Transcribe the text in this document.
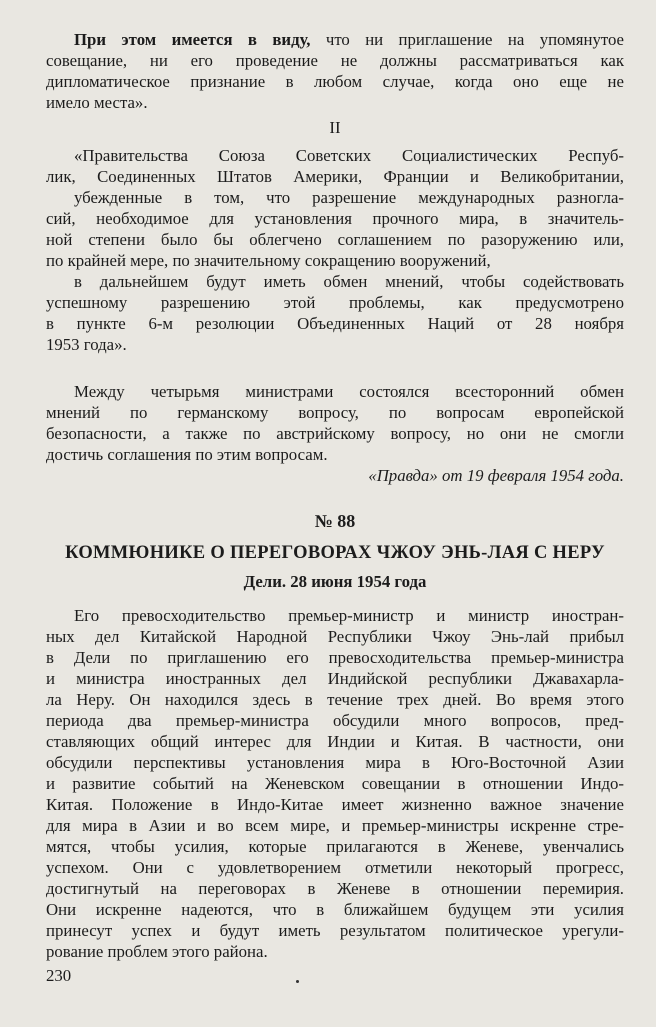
При этом имеется в виду, что ни приглашение на упомянутое
совещание, ни его проведение не должны рассматриваться как
дипломатическое признание в любом случае, когда оно еще не
имело места».
II
«Правительства Союза Советских Социалистических Респуб-
лик, Соединенных Штатов Америки, Франции и Великобритании,
убежденные в том, что разрешение международных разногла-
сий, необходимое для установления прочного мира, в значитель-
ной степени было бы облегчено соглашением по разоружению или,
по крайней мере, по значительному сокращению вооружений,
в дальнейшем будут иметь обмен мнений, чтобы содействовать
успешному разрешению этой проблемы, как предусмотрено
в пункте 6-м резолюции Объединенных Наций от 28 ноября
1953 года».
Между четырьмя министрами состоялся всесторонний обмен
мнений по германскому вопросу, по вопросам европейской
безопасности, а также по австрийскому вопросу, но они не смогли
достичь соглашения по этим вопросам.
«Правда» от 19 февраля 1954 года.
№ 88
КОММЮНИКЕ О ПЕРЕГОВОРАХ ЧЖОУ ЭНЬ-ЛАЯ С НЕРУ
Дели. 28 июня 1954 года
Его превосходительство премьер-министр и министр иностран-
ных дел Китайской Народной Республики Чжоу Энь-лай прибыл
в Дели по приглашению его превосходительства премьер-министра
и министра иностранных дел Индийской республики Джавахарла-
ла Неру. Он находился здесь в течение трех дней. Во время этого
периода два премьер-министра обсудили много вопросов, пред-
ставляющих общий интерес для Индии и Китая. В частности, они
обсудили перспективы установления мира в Юго-Восточной Азии
и развитие событий на Женевском совещании в отношении Индо-
Китая. Положение в Индо-Китае имеет жизненно важное значение
для мира в Азии и во всем мире, и премьер-министры искренне стре-
мятся, чтобы усилия, которые прилагаются в Женеве, увенчались
успехом. Они с удовлетворением отметили некоторый прогресс,
достигнутый на переговорах в Женеве в отношении перемирия.
Они искренне надеются, что в ближайшем будущем эти усилия
принесут успех и будут иметь результатом политическое урегули-
рование проблем этого района.
230
